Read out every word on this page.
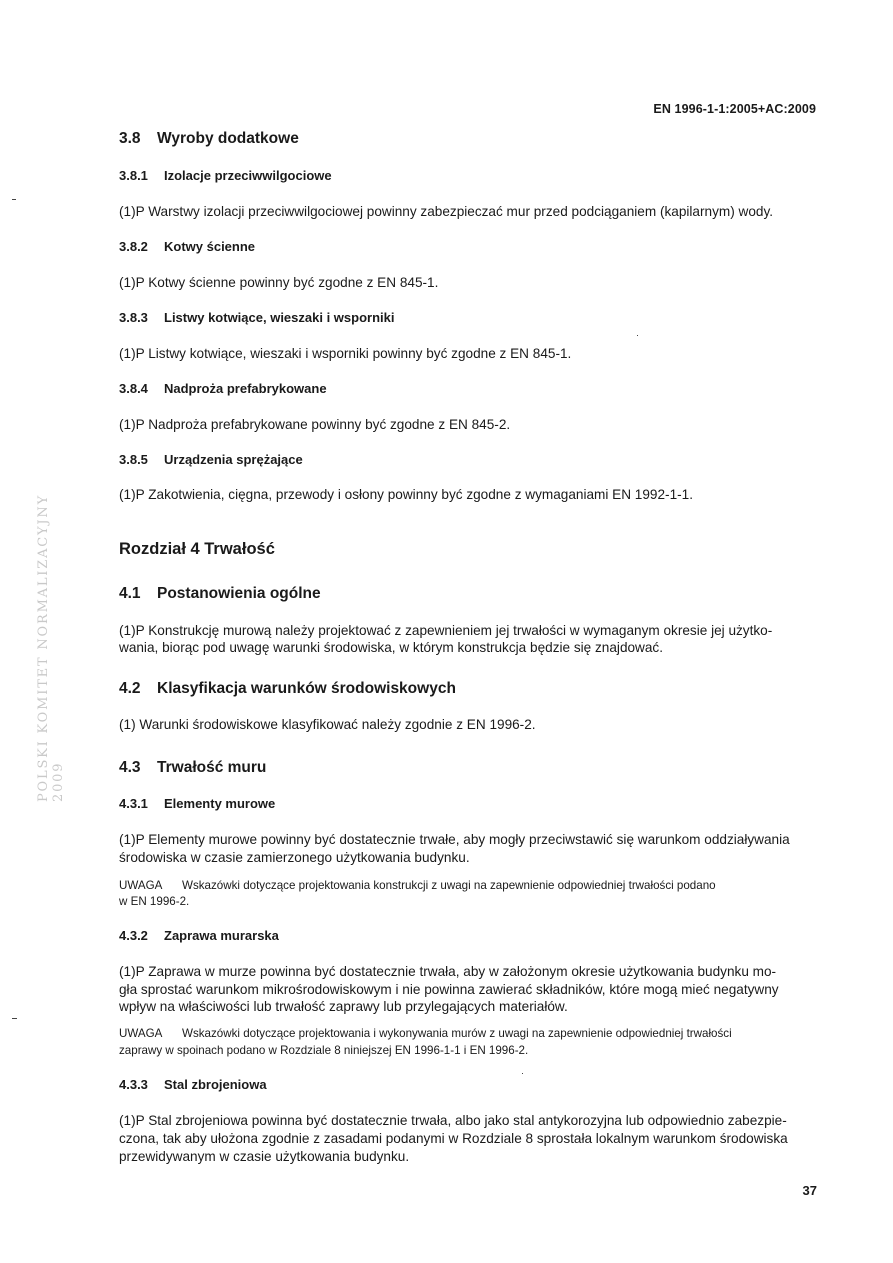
EN 1996-1-1:2005+AC:2009
POLSKI KOMITET NORMALIZACYJNY 2009
3.8 Wyroby dodatkowe
3.8.1 Izolacje przeciwwilgociowe

(1)P Warstwy izolacji przeciwwilgociowej powinny zabezpieczać mur przed podciąganiem (kapilarnym) wody.

3.8.2 Kotwy ścienne

(1)P Kotwy ścienne powinny być zgodne z EN 845-1.

3.8.3 Listwy kotwiące, wieszaki i wsporniki

(1)P Listwy kotwiące, wieszaki i wsporniki powinny być zgodne z EN 845-1.

3.8.4 Nadproża prefabrykowane

(1)P Nadproża prefabrykowane powinny być zgodne z EN 845-2.

3.8.5 Urządzenia sprężające

(1)P Zakotwienia, cięgna, przewody i osłony powinny być zgodne z wymaganiami EN 1992-1-1.

Rozdział 4 Trwałość
4.1 Postanowienia ogólne

(1)P Konstrukcję murową należy projektować z zapewnieniem jej trwałości w wymaganym okresie jej użytko-

wania, biorąc pod uwagę warunki środowiska, w którym konstrukcja będzie się znajdować.

4.2 Klasyfikacja warunków środowiskowych

(1) Warunki środowiskowe klasyfikować należy zgodnie z EN 1996-2.

4.3 Trwałość muru
4.3.1 Elementy murowe

(1)P Elementy murowe powinny być dostatecznie trwałe, aby mogły przeciwstawić się warunkom oddziaływania

środowiska w czasie zamierzonego użytkowania budynku.

UWAGA Wskazówki dotyczące projektowania konstrukcji z uwagi na zapewnienie odpowiedniej trwałości podano

w EN 1996-2.

4.3.2 Zaprawa murarska

(1)P Zaprawa w murze powinna być dostatecznie trwała, aby w założonym okresie użytkowania budynku mo-

gła sprostać warunkom mikrośrodowiskowym i nie powinna zawierać składników, które mogą mieć negatywny

wpływ na właściwości lub trwałość zaprawy lub przylegających materiałów.

UWAGA Wskazówki dotyczące projektowania i wykonywania murów z uwagi na zapewnienie odpowiedniej trwałości

zaprawy w spoinach podano w Rozdziale 8 niniejszej EN 1996-1-1 i EN 1996-2.

4.3.3 Stal zbrojeniowa

(1)P Stal zbrojeniowa powinna być dostatecznie trwała, albo jako stal antykorozyjna lub odpowiednio zabezpie-

czona, tak aby ułożona zgodnie z zasadami podanymi w Rozdziale 8 sprostała lokalnym warunkom środowiska

przewidywanym w czasie użytkowania budynku.

37
